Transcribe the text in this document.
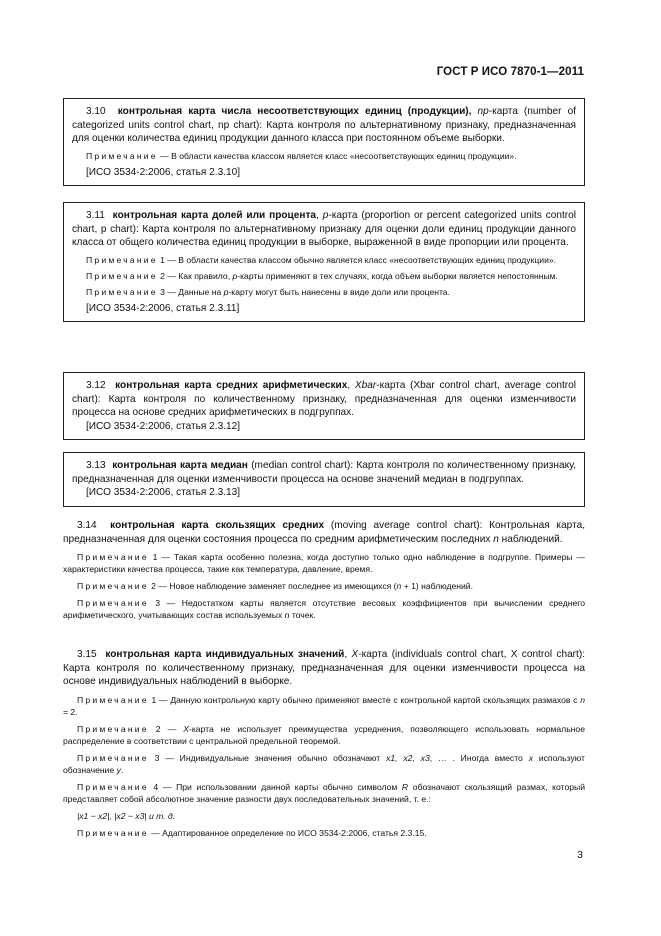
ГОСТ Р ИСО 7870-1—2011

3.10 контрольная карта числа несоответствующих единиц (продукции), np-карта (number of categorized units control chart, np chart): Карта контроля по альтернативному признаку, предназначенная для оценки количества единиц продукции данного класса при постоянном объеме выборки.

Примечание — В области качества классом является класс «несоответствующих единиц продукции».

[ИСО 3534-2:2006, статья 2.3.10]

3.11 контрольная карта долей или процента, p-карта (proportion or percent categorized units control chart, p chart): Карта контроля по альтернативному признаку для оценки доли единиц продукции данного класса от общего количества единиц продукции в выборке, выраженной в виде пропорции или процента.

Примечание 1 — В области качества классом обычно является класс «несоответствующих единиц продукции».

Примечание 2 — Как правило, p-карты применяют в тех случаях, когда объем выборки является непостоянным.

Примечание 3 — Данные на p-карту могут быть нанесены в виде доли или процента.

[ИСО 3534-2:2006, статья 2.3.11]

3.12 контрольная карта средних арифметических, Xbar-карта (Xbar control chart, average control chart): Карта контроля по количественному признаку, предназначенная для оценки изменчивости процесса на основе средних арифметических в подгруппах.

[ИСО 3534-2:2006, статья 2.3.12]

3.13 контрольная карта медиан (median control chart): Карта контроля по количественному признаку, предназначенная для оценки изменчивости процесса на основе значений медиан в подгруппах.

[ИСО 3534-2:2006, статья 2.3.13]

3.14 контрольная карта скользящих средних (moving average control chart): Контрольная карта, предназначенная для оценки состояния процесса по средним арифметическим последних n наблюдений.

Примечание 1 — Такая карта особенно полезна, когда доступно только одно наблюдение в подгруппе. Примеры — характеристики качества процесса, такие как температура, давление, время.

Примечание 2 — Новое наблюдение заменяет последнее из имеющихся (n + 1) наблюдений.

Примечание 3 — Недостатком карты является отсутствие весовых коэффициентов при вычислении среднего арифметического, учитывающих состав используемых n точек.

3.15 контрольная карта индивидуальных значений, X-карта (individuals control chart, X control chart): Карта контроля по количественному признаку, предназначенная для оценки изменчивости процесса на основе индивидуальных наблюдений в выборке.

Примечание 1 — Данную контрольную карту обычно применяют вместе с контрольной картой скользящих размахов с n = 2.

Примечание 2 — X-карта не использует преимущества усреднения, позволяющего использовать нормальное распределение в соответствии с центральной предельной теоремой.

Примечание 3 — Индивидуальные значения обычно обозначают x1, x2, x3, … . Иногда вместо x используют обозначение y.

Примечание 4 — При использовании данной карты обычно символом R обозначают скользящий размах, который представляет собой абсолютное значение разности двух последовательных значений, т. е.:

|x1 − x2|, |x2 − x3| и т. д.

Примечание — Адаптированное определение по ИСО 3534-2:2006, статья 2.3.15.

3
